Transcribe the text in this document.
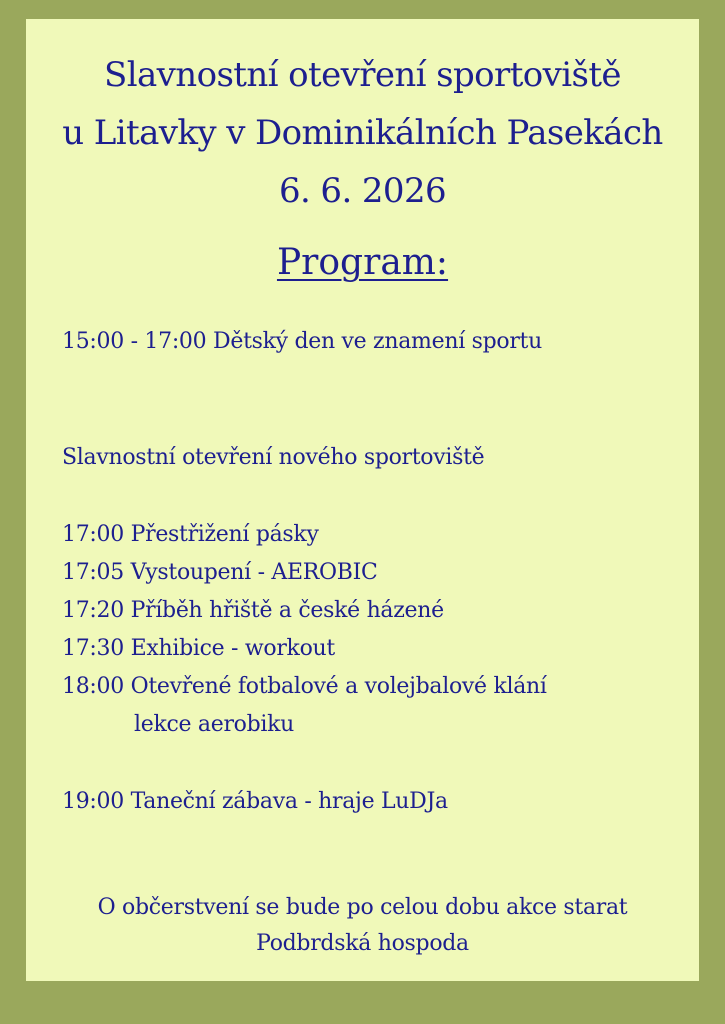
Slavnostní otevření sportoviště
u Litavky v Dominikálních Pasekách
6. 6. 2026
Program:
15:00 - 17:00 Dětský den ve znamení sportu
Slavnostní otevření nového sportoviště
17:00 Přestřižení pásky
17:05 Vystoupení - AEROBIC
17:20 Příběh hřiště a české házené
17:30 Exhibice - workout
18:00 Otevřené fotbalové a volejbalové klání
lekce aerobiku
19:00 Taneční zábava - hraje LuDJa
O občerstvení se bude po celou dobu akce starat
Podbrdská hospoda
